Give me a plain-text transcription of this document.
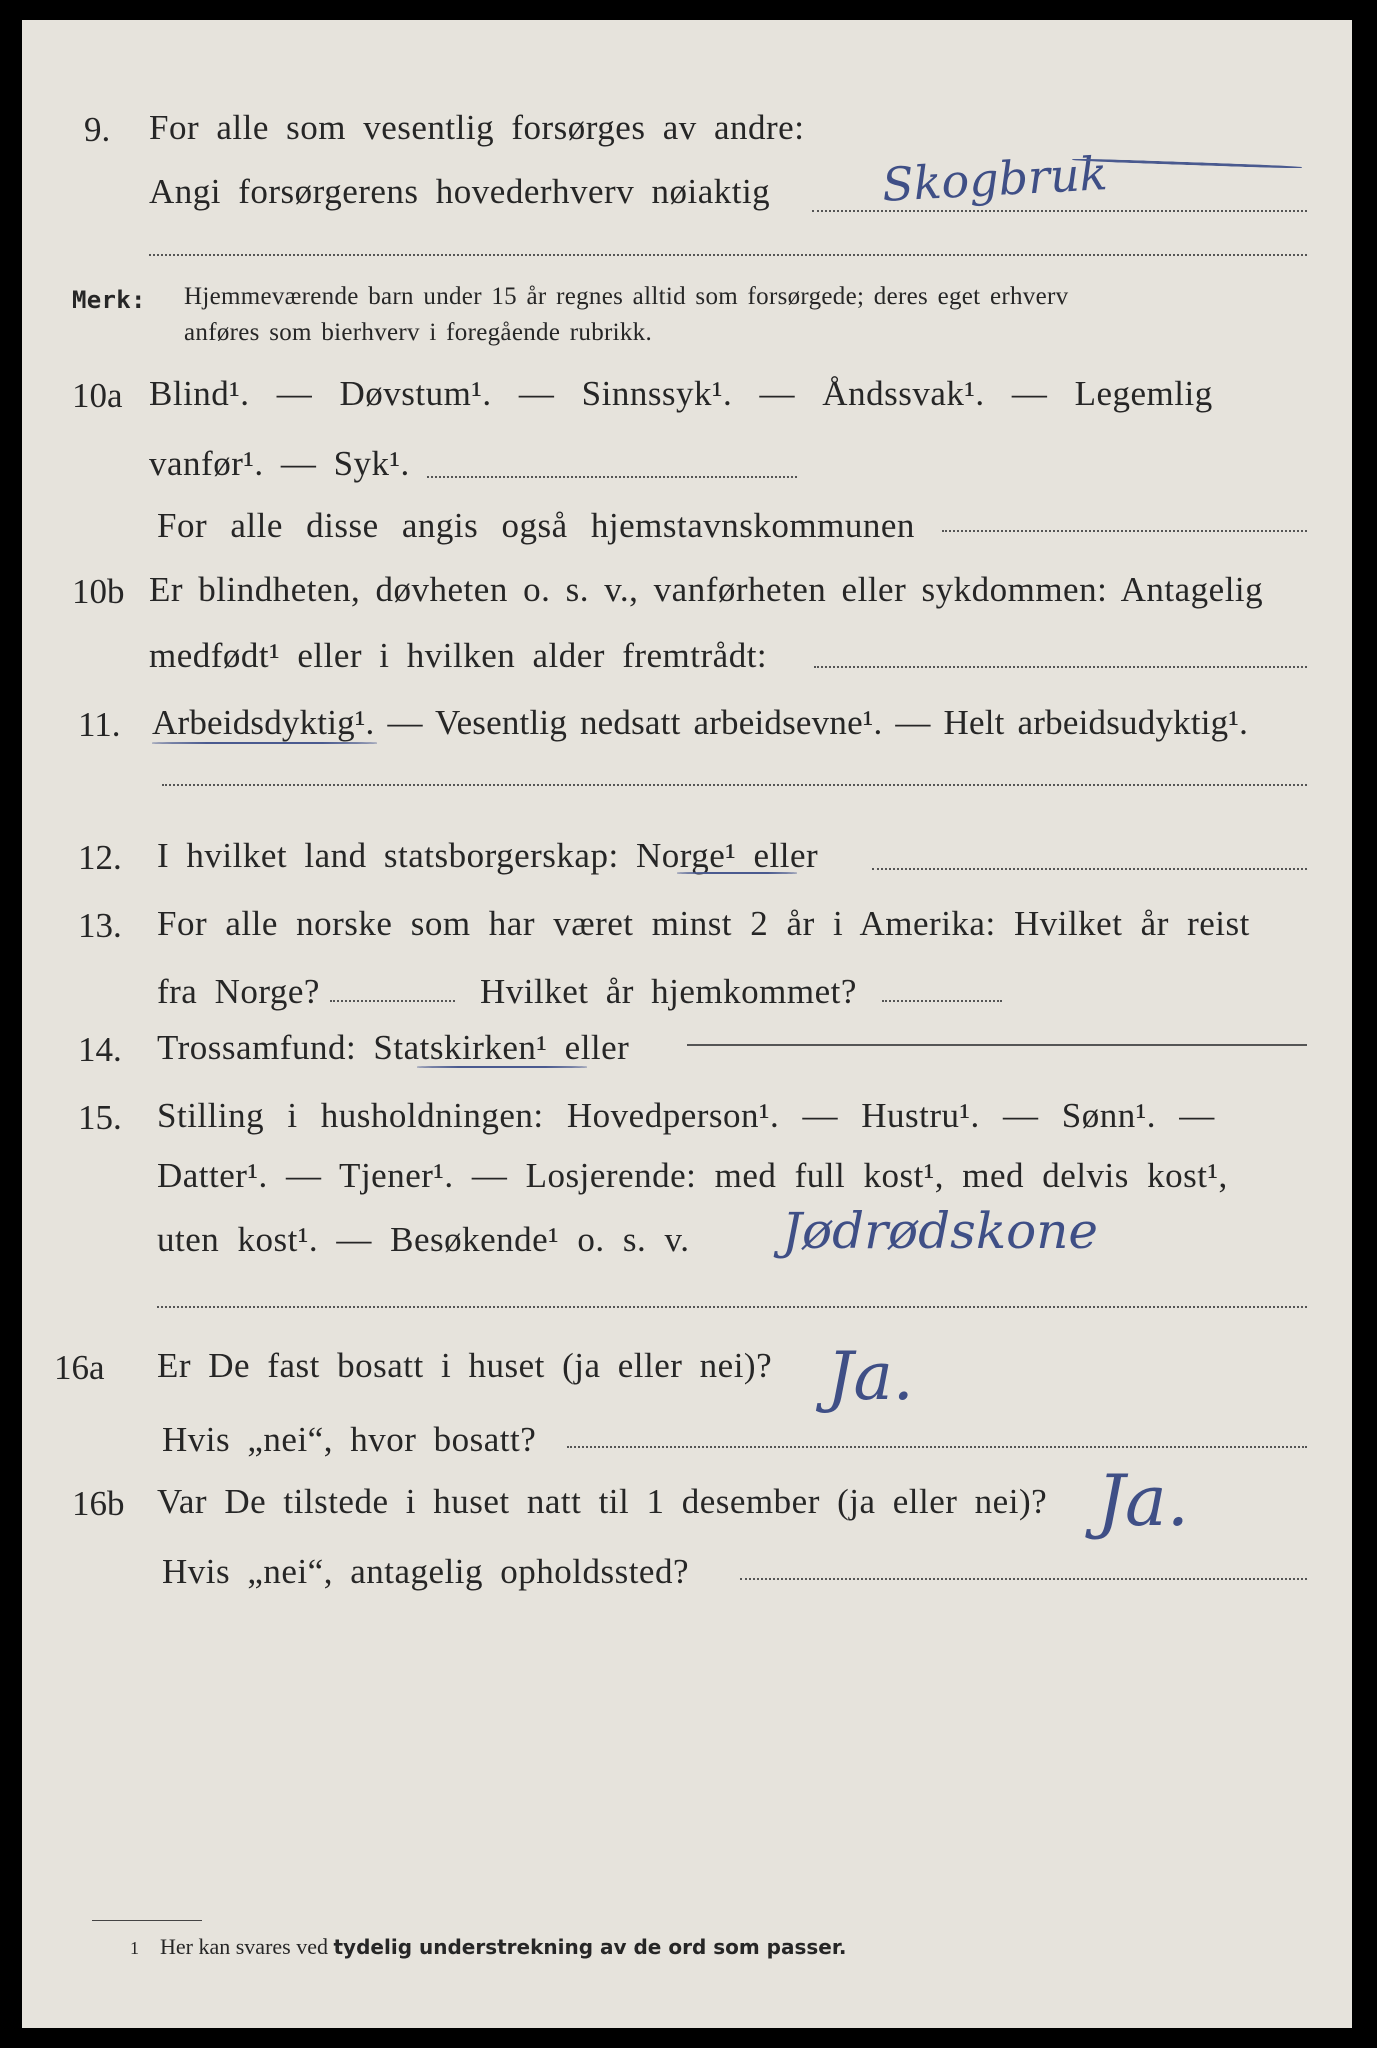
9. For alle som vesentlig forsørges av andre:
Angi forsørgerens hovederhverv nøiaktig Skogbruk
Merk: Hjemmeværende barn under 15 år regnes alltid som forsørgede; deres eget erhverv
anføres som bierhverv i foregående rubrikk.
10a Blind¹. — Døvstum¹. — Sinnssyk¹. — Åndssvak¹. — Legemlig
vanfør¹. — Syk¹.
For alle disse angis også hjemstavnskommunen
10b Er blindheten, døvheten o. s. v., vanførheten eller sykdommen: Antagelig
medfødt¹ eller i hvilken alder fremtrådt:
11. Arbeidsdyktig¹. — Vesentlig nedsatt arbeidsevne¹. — Helt arbeidsudyktig¹.
12. I hvilket land statsborgerskap: Norge¹ eller
13. For alle norske som har været minst 2 år i Amerika: Hvilket år reist
fra Norge?	Hvilket år hjemkommet?
14. Trossamfund: Statskirken¹ eller
15. Stilling i husholdningen: Hovedperson¹. — Hustru¹. — Sønn¹. —
Datter¹. — Tjener¹. — Losjerende: med full kost¹, med delvis kost¹,
uten kost¹. — Besøkende¹ o. s. v. Jødrødskone
16a Er De fast bosatt i huset (ja eller nei)? Ja.
Hvis „nei“, hvor bosatt?
16b Var De tilstede i huset natt til 1 desember (ja eller nei)? Ja.
Hvis „nei“, antagelig opholdssted?
1 Her kan svares ved tydelig understrekning av de ord som passer.
